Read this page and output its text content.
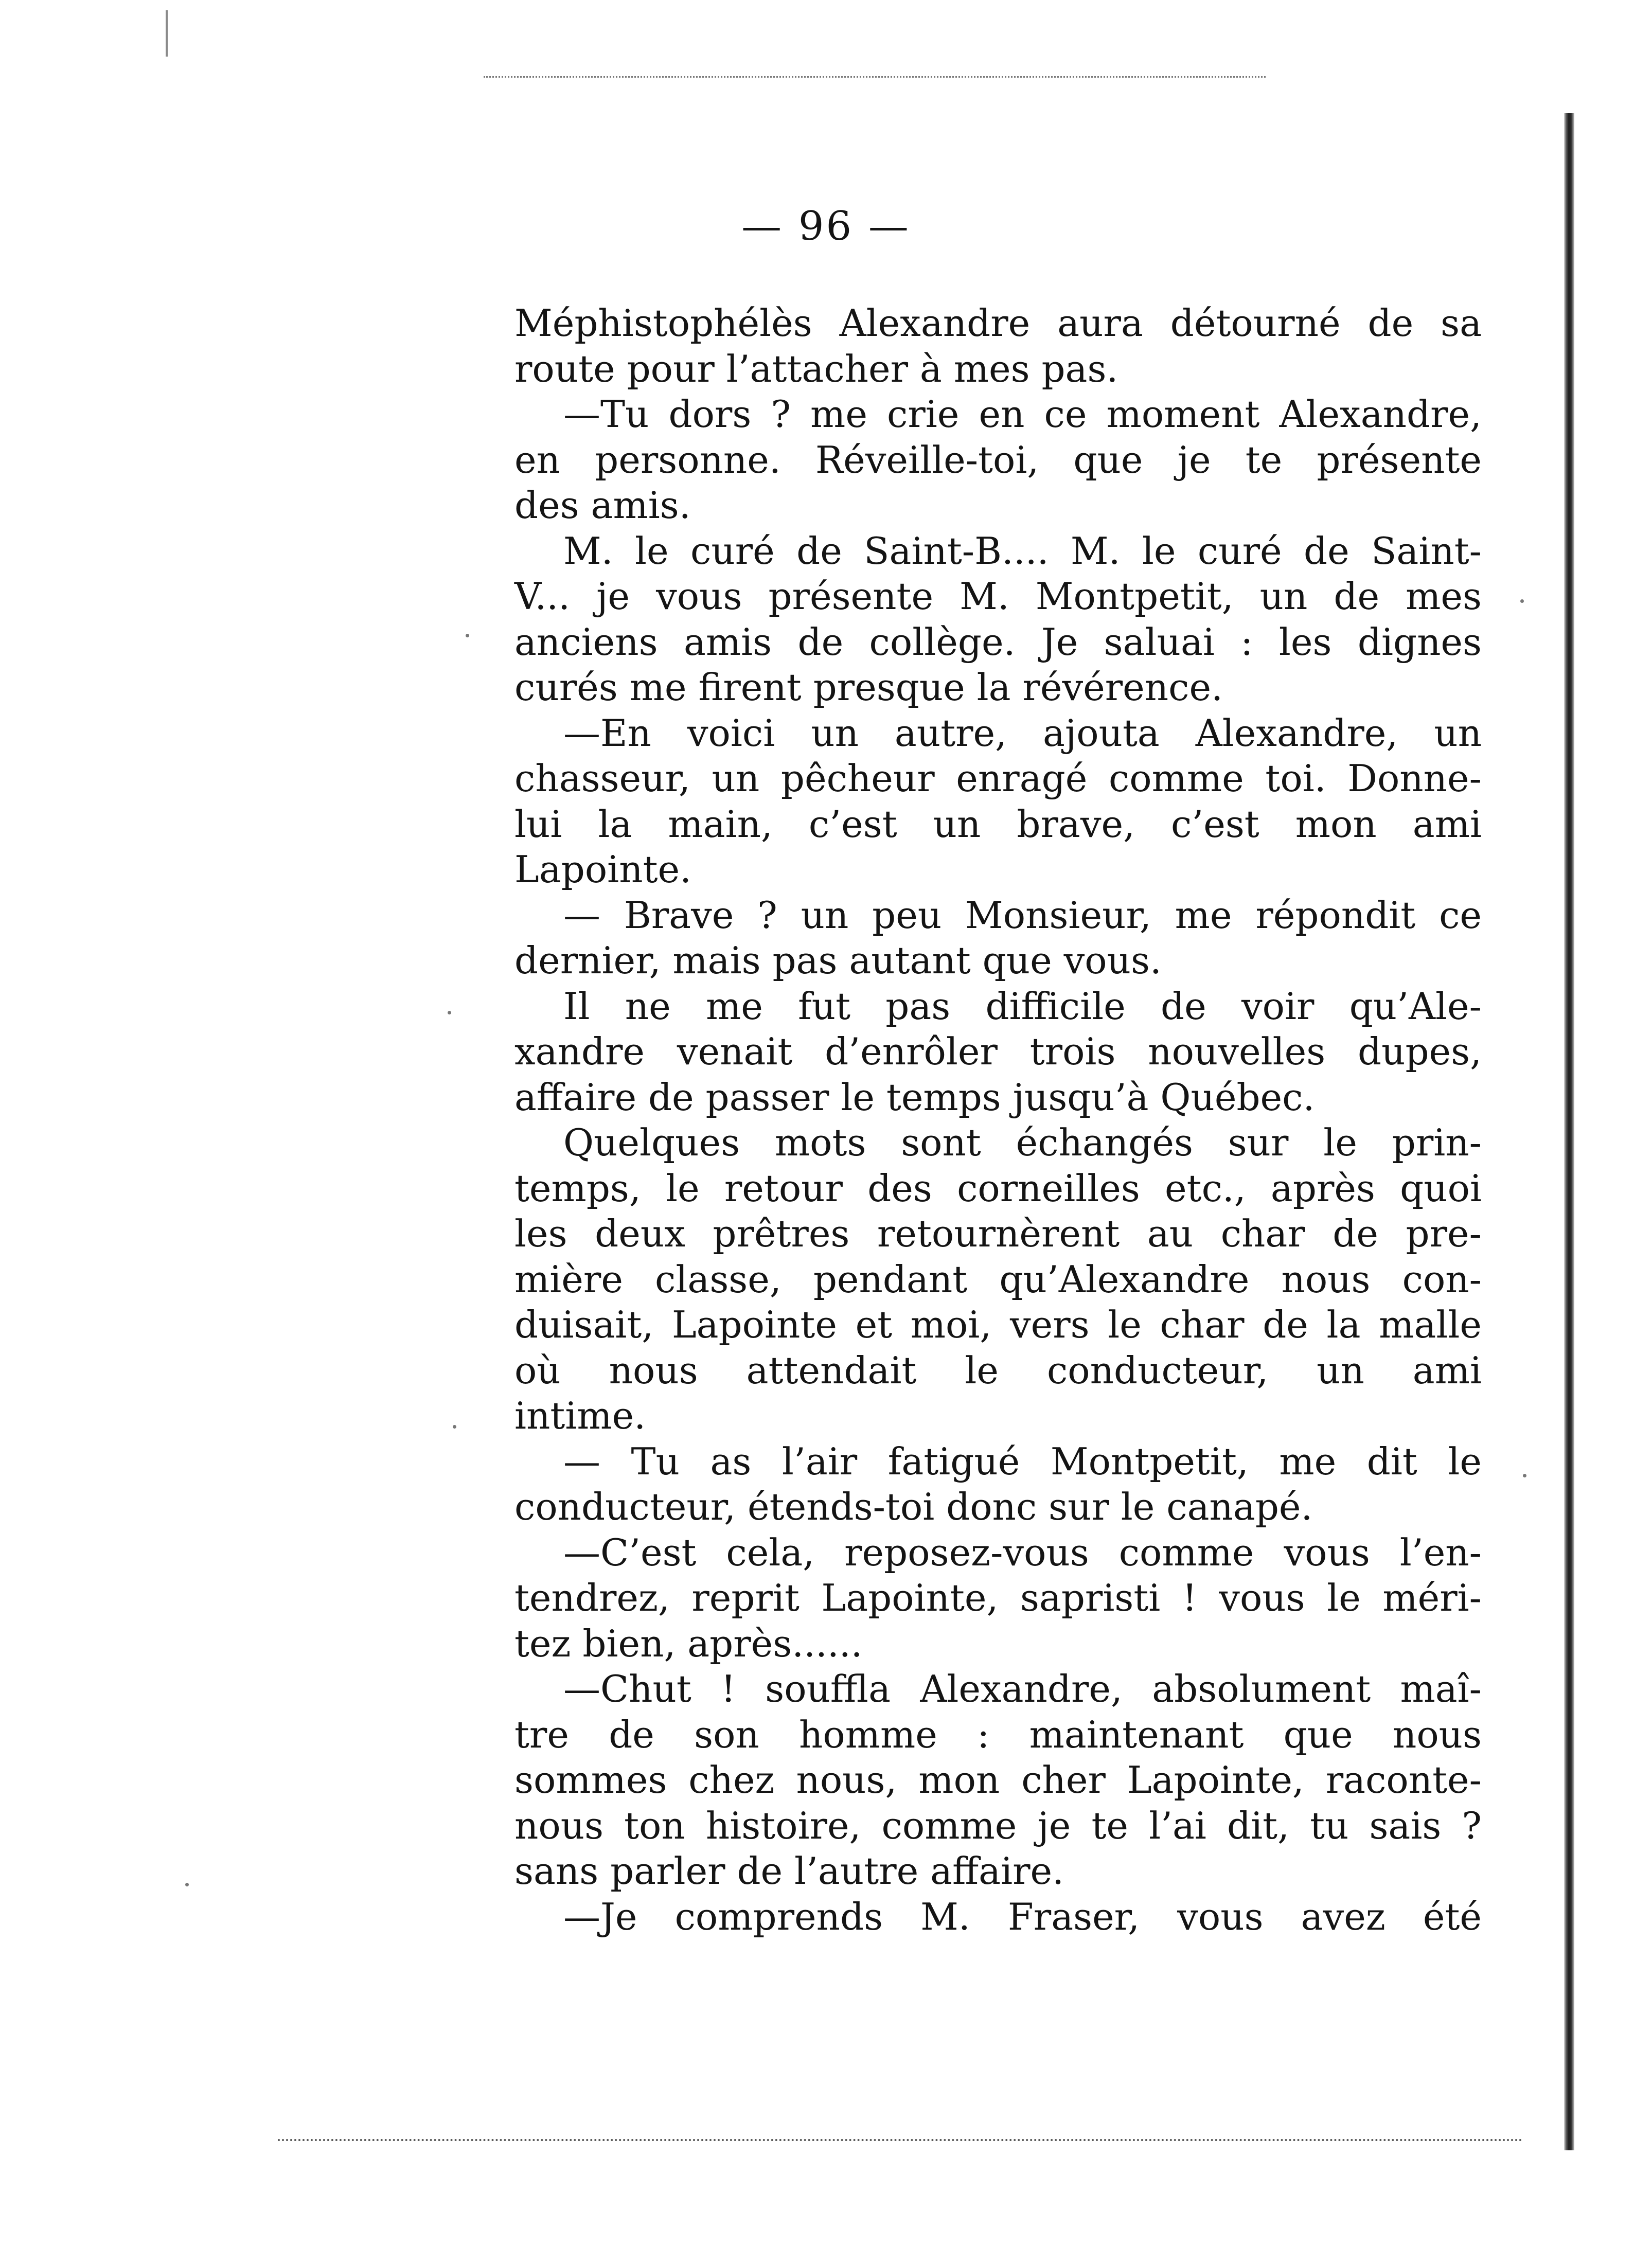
— 96 —
Méphistophélès Alexandre aura détourné de sa
route pour l’attacher à mes pas.
—Tu dors ? me crie en ce moment Alexandre,
en personne. Réveille-toi, que je te présente
des amis.
M. le curé de Saint-B.... M. le curé de Saint-
V... je vous présente M. Montpetit, un de mes
anciens amis de collège. Je saluai : les dignes
curés me firent presque la révérence.
—En voici un autre, ajouta Alexandre, un
chasseur, un pêcheur enragé comme toi. Donne-
lui la main, c’est un brave, c’est mon ami
Lapointe.
— Brave ? un peu Monsieur, me répondit ce
dernier, mais pas autant que vous.
Il ne me fut pas difficile de voir qu’Ale-
xandre venait d’enrôler trois nouvelles dupes,
affaire de passer le temps jusqu’à Québec.
Quelques mots sont échangés sur le prin-
temps, le retour des corneilles etc., après quoi
les deux prêtres retournèrent au char de pre-
mière classe, pendant qu’Alexandre nous con-
duisait, Lapointe et moi, vers le char de la malle
où nous attendait le conducteur, un ami
intime.
— Tu as l’air fatigué Montpetit, me dit le
conducteur, étends-toi donc sur le canapé.
—C’est cela, reposez-vous comme vous l’en-
tendrez, reprit Lapointe, sapristi ! vous le méri-
tez bien, après......
—Chut ! souffla Alexandre, absolument maî-
tre de son homme : maintenant que nous
sommes chez nous, mon cher Lapointe, raconte-
nous ton histoire, comme je te l’ai dit, tu sais ?
sans parler de l’autre affaire.
—Je comprends M. Fraser, vous avez été
